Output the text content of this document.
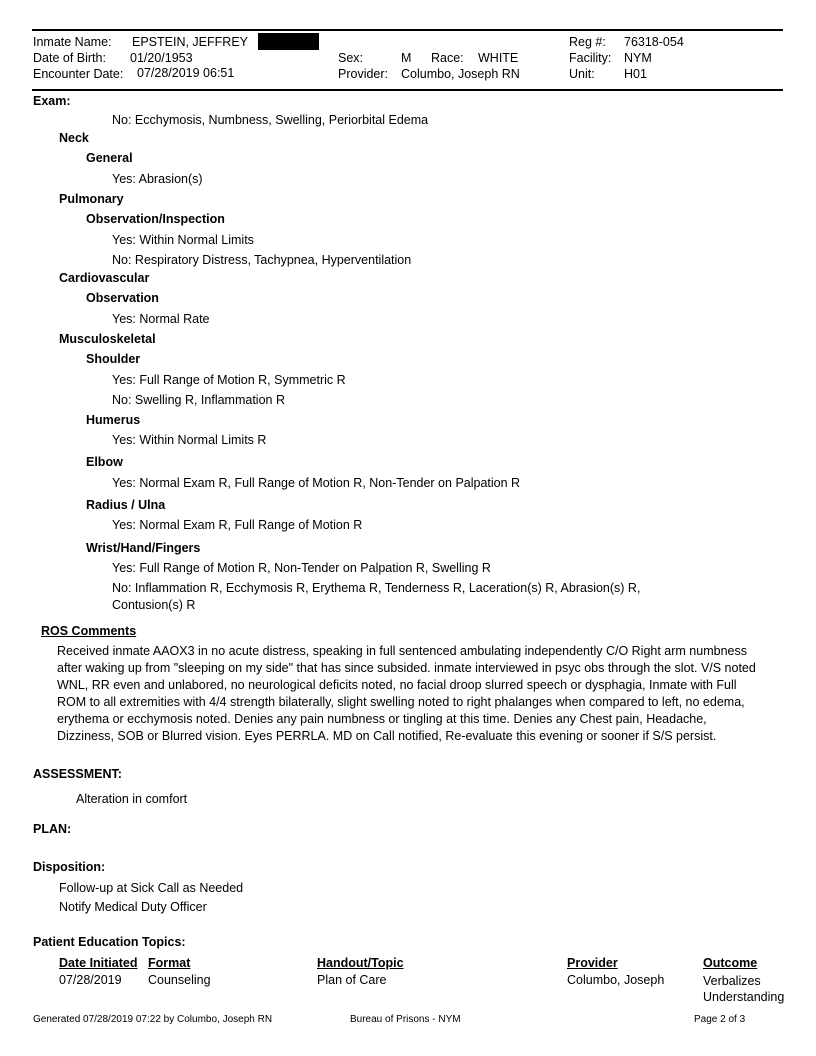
Inmate Name: EPSTEIN, JEFFREY
Date of Birth: 01/20/1953
Encounter Date: 07/28/2019 06:51
Sex:	M Race: WHITE
Provider: Columbo, Joseph RN
Reg #: 76318-054
Facility: NYM
Unit: H01
Exam:
No: Ecchymosis, Numbness, Swelling, Periorbital Edema
Neck
General
Yes: Abrasion(s)
Pulmonary
Observation/Inspection
Yes: Within Normal Limits
No: Respiratory Distress, Tachypnea, Hyperventilation
Cardiovascular
Observation
Yes: Normal Rate
Musculoskeletal
Shoulder
Yes: Full Range of Motion R, Symmetric R
No: Swelling R, Inflammation R
Humerus
Yes: Within Normal Limits R
Elbow
Yes: Normal Exam R, Full Range of Motion R, Non-Tender on Palpation R
Radius / Ulna
Yes: Normal Exam R, Full Range of Motion R
Wrist/Hand/Fingers
Yes: Full Range of Motion R, Non-Tender on Palpation R, Swelling R
No: Inflammation R, Ecchymosis R, Erythema R, Tenderness R, Laceration(s) R, Abrasion(s) R, Contusion(s) R
ROS Comments
Received inmate AAOX3 in no acute distress, speaking in full sentenced ambulating independently C/O Right arm numbness after waking up from "sleeping on my side" that has since subsided. inmate interviewed in psyc obs through the slot. V/S noted WNL, RR even and unlabored, no neurological deficits noted, no facial droop slurred speech or dysphagia, Inmate with Full ROM to all extremities with 4/4 strength bilaterally, slight swelling noted to right phalanges when compared to left, no edema, erythema or ecchymosis noted. Denies any pain numbness or tingling at this time. Denies any Chest pain, Headache, Dizziness, SOB or Blurred vision. Eyes PERRLA. MD on Call notified, Re-evaluate this evening or sooner if S/S persist.
ASSESSMENT:
Alteration in comfort
PLAN:
Disposition:
Follow-up at Sick Call as Needed
Notify Medical Duty Officer
Patient Education Topics:
Date Initiated Format	Handout/Topic	Provider	Outcome
07/28/2019 Counseling	Plan of Care	Columbo, Joseph	Verbalizes Understanding
Generated 07/28/2019 07:22 by Columbo, Joseph RN	Bureau of Prisons - NYM	Page 2 of 3
